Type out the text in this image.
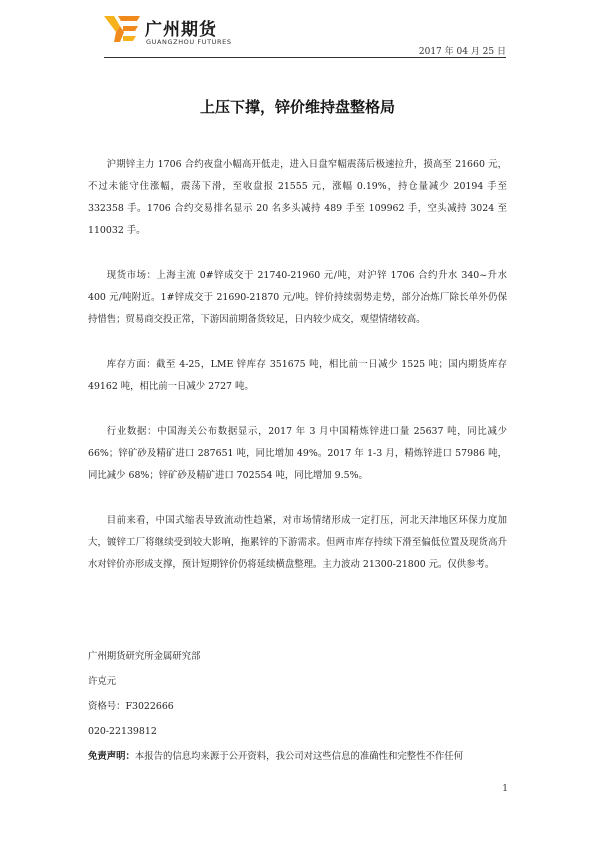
广州期货
GUANGZHOU FUTURES
2017 年 04 月 25 日
上压下撑，锌价维持盘整格局

沪期锌主力 1706 合约夜盘小幅高开低走，进入日盘窄幅震荡后极速拉升，摸高至 21660 元，不过未能守住涨幅，震荡下滑，至收盘报 21555 元，涨幅 0.19%，持仓量减少 20194 手至 332358 手。1706 合约交易排名显示 20 名多头减持 489 手至 109962 手，空头减持 3024 至 110032 手。

现货市场：上海主流 0#锌成交于 21740-21960 元/吨，对沪锌 1706 合约升水 340~升水 400 元/吨附近。1#锌成交于 21690-21870 元/吨。锌价持续弱势走势，部分冶炼厂除长单外仍保持惜售；贸易商交投正常，下游因前期备货较足，日内较少成交，观望情绪较高。

库存方面：截至 4-25，LME 锌库存 351675 吨，相比前一日减少 1525 吨；国内期货库存 49162 吨，相比前一日减少 2727 吨。

行业数据：中国海关公布数据显示，2017 年 3 月中国精炼锌进口量 25637 吨，同比减少 66%；锌矿砂及精矿进口 287651 吨，同比增加 49%。2017 年 1-3 月，精炼锌进口 57986 吨，同比减少 68%；锌矿砂及精矿进口 702554 吨，同比增加 9.5%。

目前来看，中国式缩表导致流动性趋紧，对市场情绪形成一定打压，河北天津地区环保力度加大，镀锌工厂将继续受到较大影响，拖累锌的下游需求。但两市库存持续下滑至偏低位置及现货高升水对锌价亦形成支撑，预计短期锌价仍将延续横盘整理。主力波动 21300-21800 元。仅供参考。

广州期货研究所金属研究部
许克元
资格号：F3022666
020-22139812
免责声明：本报告的信息均来源于公开资料，我公司对这些信息的准确性和完整性不作任何
1
